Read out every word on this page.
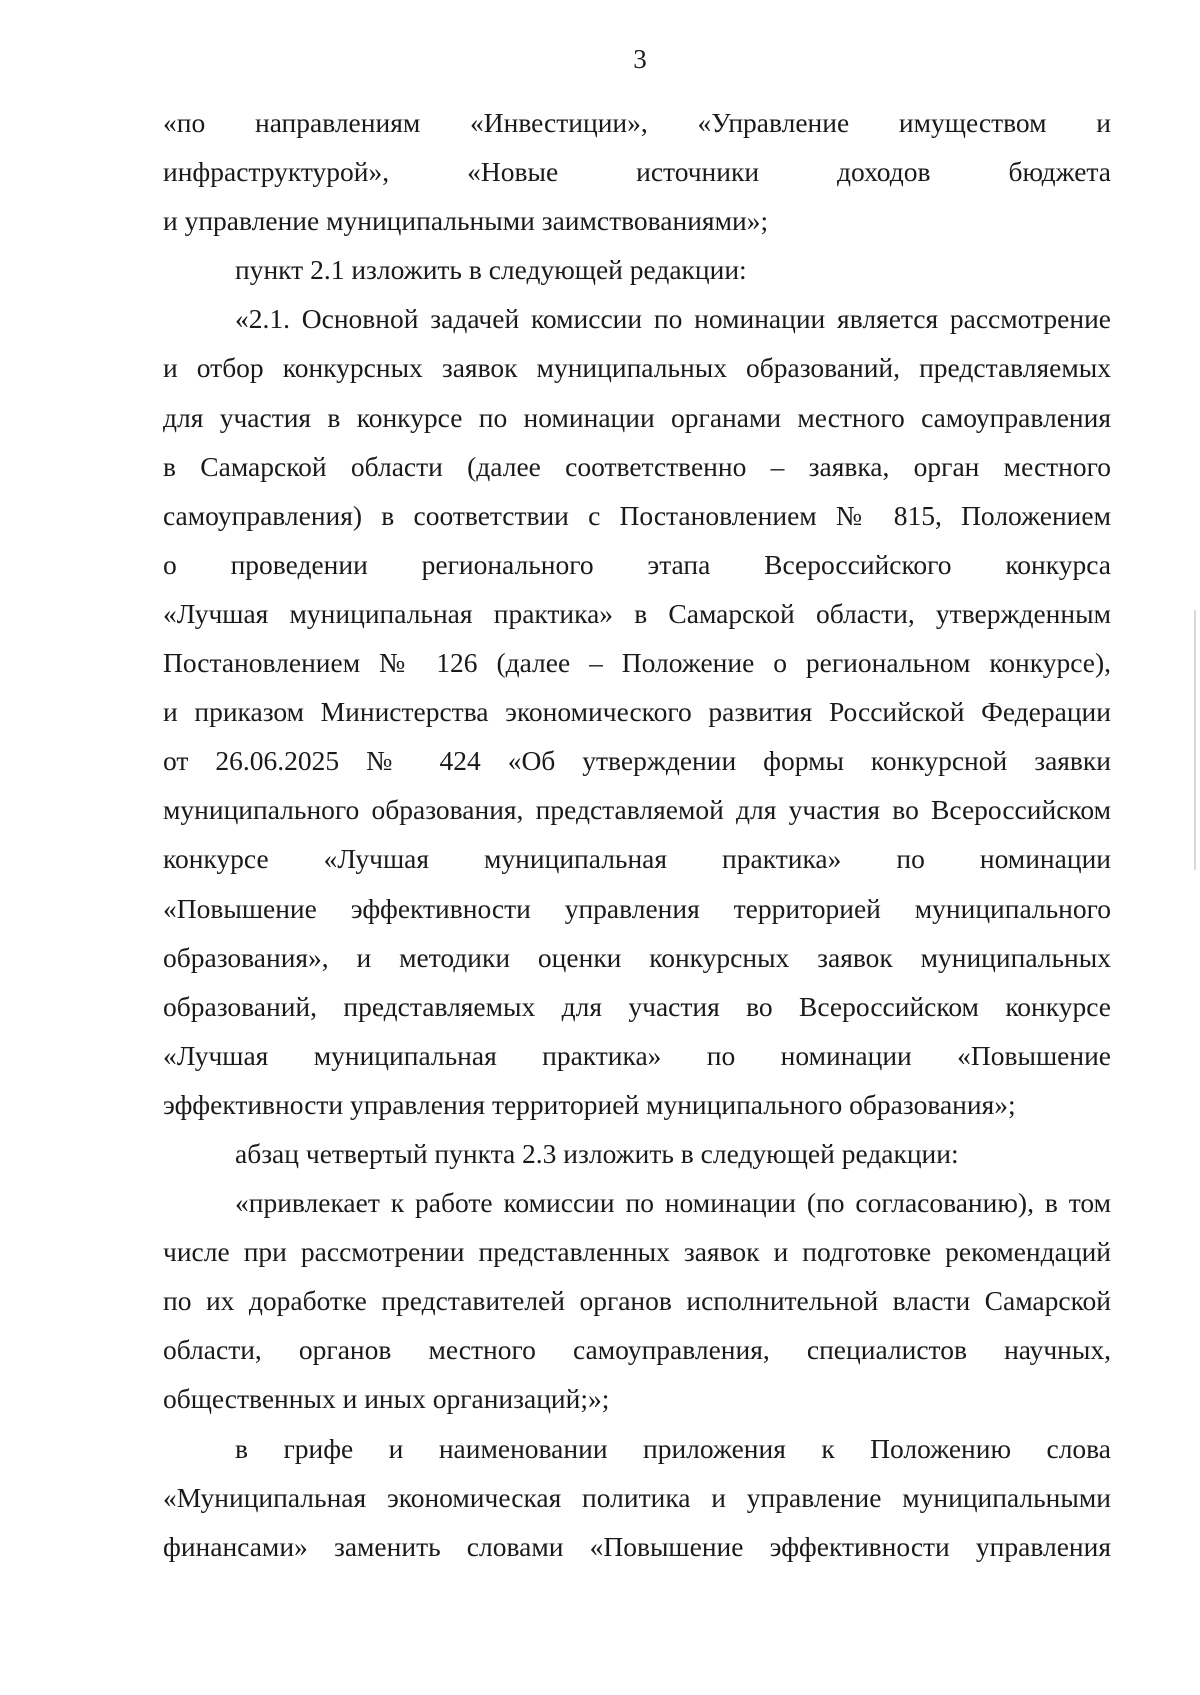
3
«по направлениям «Инвестиции», «Управление имуществом и
инфраструктурой», «Новые источники доходов бюджета
и управление муниципальными заимствованиями»;
пункт 2.1 изложить в следующей редакции:
«2.1. Основной задачей комиссии по номинации является рассмотрение
и отбор конкурсных заявок муниципальных образований, представляемых
для участия в конкурсе по номинации органами местного самоуправления
в Самарской области (далее соответственно – заявка, орган местного
самоуправления) в соответствии с Постановлением № 815, Положением
о проведении регионального этапа Всероссийского конкурса
«Лучшая муниципальная практика» в Самарской области, утвержденным
Постановлением № 126 (далее – Положение о региональном конкурсе),
и приказом Министерства экономического развития Российской Федерации
от 26.06.2025 № 424 «Об утверждении формы конкурсной заявки
муниципального образования, представляемой для участия во Всероссийском
конкурсе «Лучшая муниципальная практика» по номинации
«Повышение эффективности управления территорией муниципального
образования», и методики оценки конкурсных заявок муниципальных
образований, представляемых для участия во Всероссийском конкурсе
«Лучшая муниципальная практика» по номинации «Повышение
эффективности управления территорией муниципального образования»;
абзац четвертый пункта 2.3 изложить в следующей редакции:
«привлекает к работе комиссии по номинации (по согласованию), в том
числе при рассмотрении представленных заявок и подготовке рекомендаций
по их доработке представителей органов исполнительной власти Самарской
области, органов местного самоуправления, специалистов научных,
общественных и иных организаций;»;
в грифе и наименовании приложения к Положению слова
«Муниципальная экономическая политика и управление муниципальными
финансами» заменить словами «Повышение эффективности управления
